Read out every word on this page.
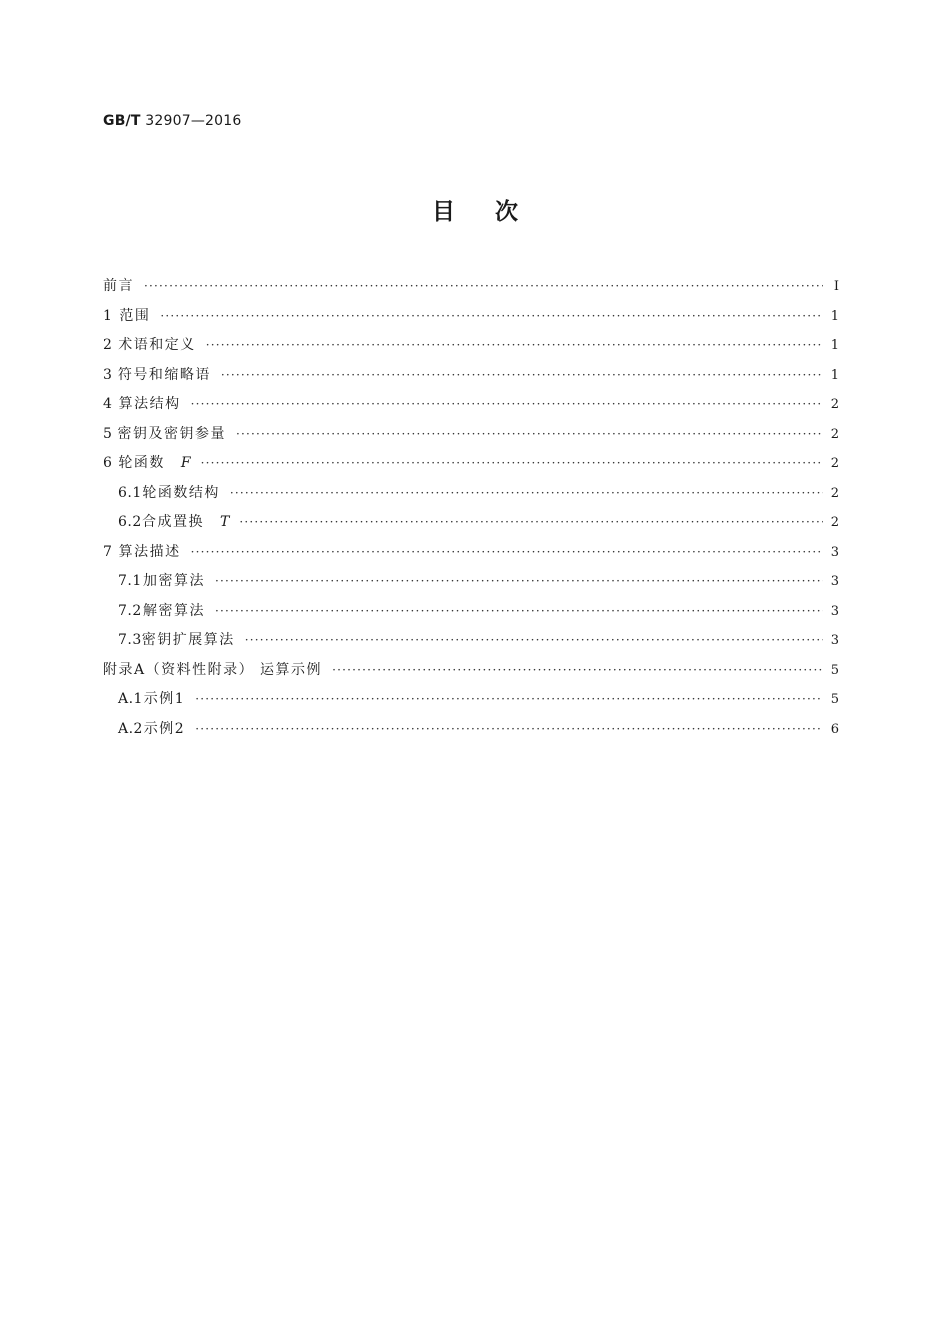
GB/T 32907—2016
目次
前言 ·····	Ⅰ
1 范围 ·····	1
2 术语和定义 ·····	1
3 符号和缩略语 ·····	1
4 算法结构 ·····	2
5 密钥及密钥参量 ·····	2
6 轮函数 F ·····	2
6.1 轮函数结构 ·····	2
6.2 合成置换 T ·····	2
7 算法描述 ·····	3
7.1 加密算法 ·····	3
7.2 解密算法 ·····	3
7.3 密钥扩展算法 ·····	3
附录A（资料性附录） 运算示例 ·····	5
A.1 示例1 ·····	5
A.2 示例2 ·····	6
